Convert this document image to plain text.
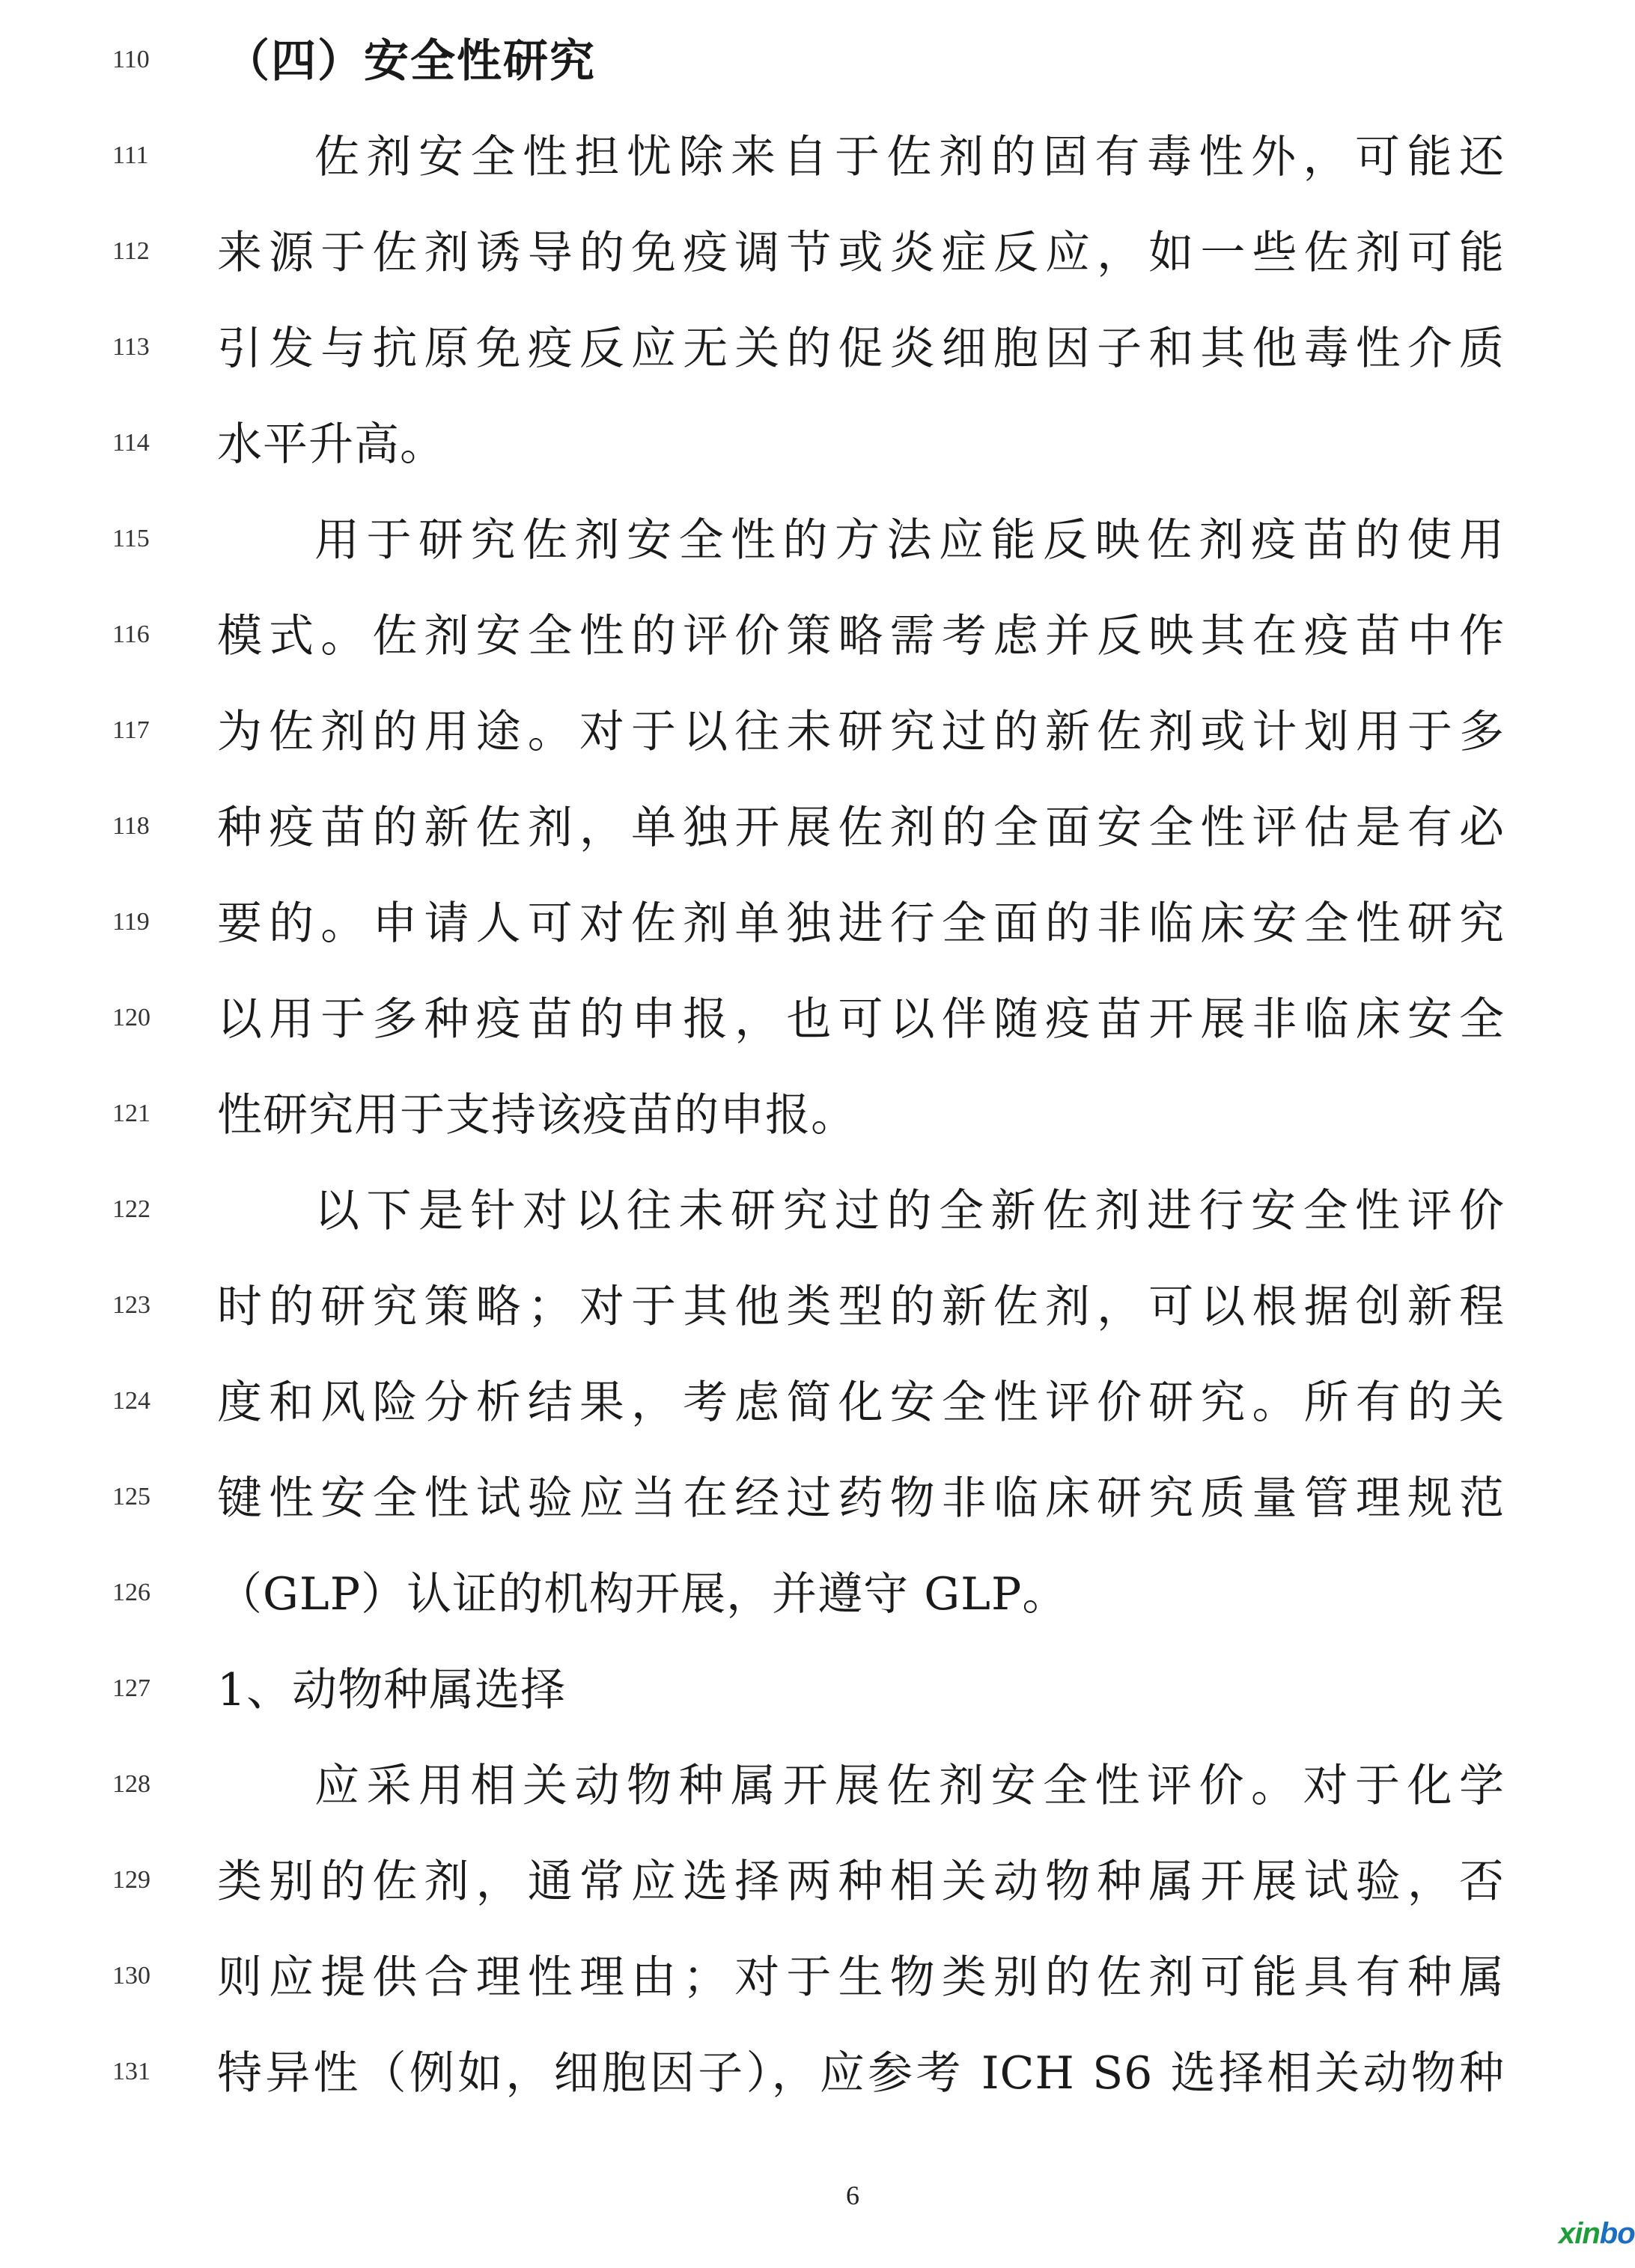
110 （四）安全性研究
111	佐剂安全性担忧除来自于佐剂的固有毒性外，可能还
112 来源于佐剂诱导的免疫调节或炎症反应，如一些佐剂可能
113 引发与抗原免疫反应无关的促炎细胞因子和其他毒性介质
114 水平升高。
115	用于研究佐剂安全性的方法应能反映佐剂疫苗的使用
116 模式。佐剂安全性的评价策略需考虑并反映其在疫苗中作
117 为佐剂的用途。对于以往未研究过的新佐剂或计划用于多
118 种疫苗的新佐剂，单独开展佐剂的全面安全性评估是有必
119 要的。申请人可对佐剂单独进行全面的非临床安全性研究
120 以用于多种疫苗的申报，也可以伴随疫苗开展非临床安全
121 性研究用于支持该疫苗的申报。
122	以下是针对以往未研究过的全新佐剂进行安全性评价
123 时的研究策略；对于其他类型的新佐剂，可以根据创新程
124 度和风险分析结果，考虑简化安全性评价研究。所有的关
125 键性安全性试验应当在经过药物非临床研究质量管理规范
126 （GLP）认证的机构开展，并遵守 GLP。
127 1、动物种属选择
128	应采用相关动物种属开展佐剂安全性评价。对于化学
129 类别的佐剂，通常应选择两种相关动物种属开展试验，否
130 则应提供合理性理由；对于生物类别的佐剂可能具有种属
131 特异性（例如，细胞因子），应参考 ICH S6 选择相关动物种
6
xinbo
